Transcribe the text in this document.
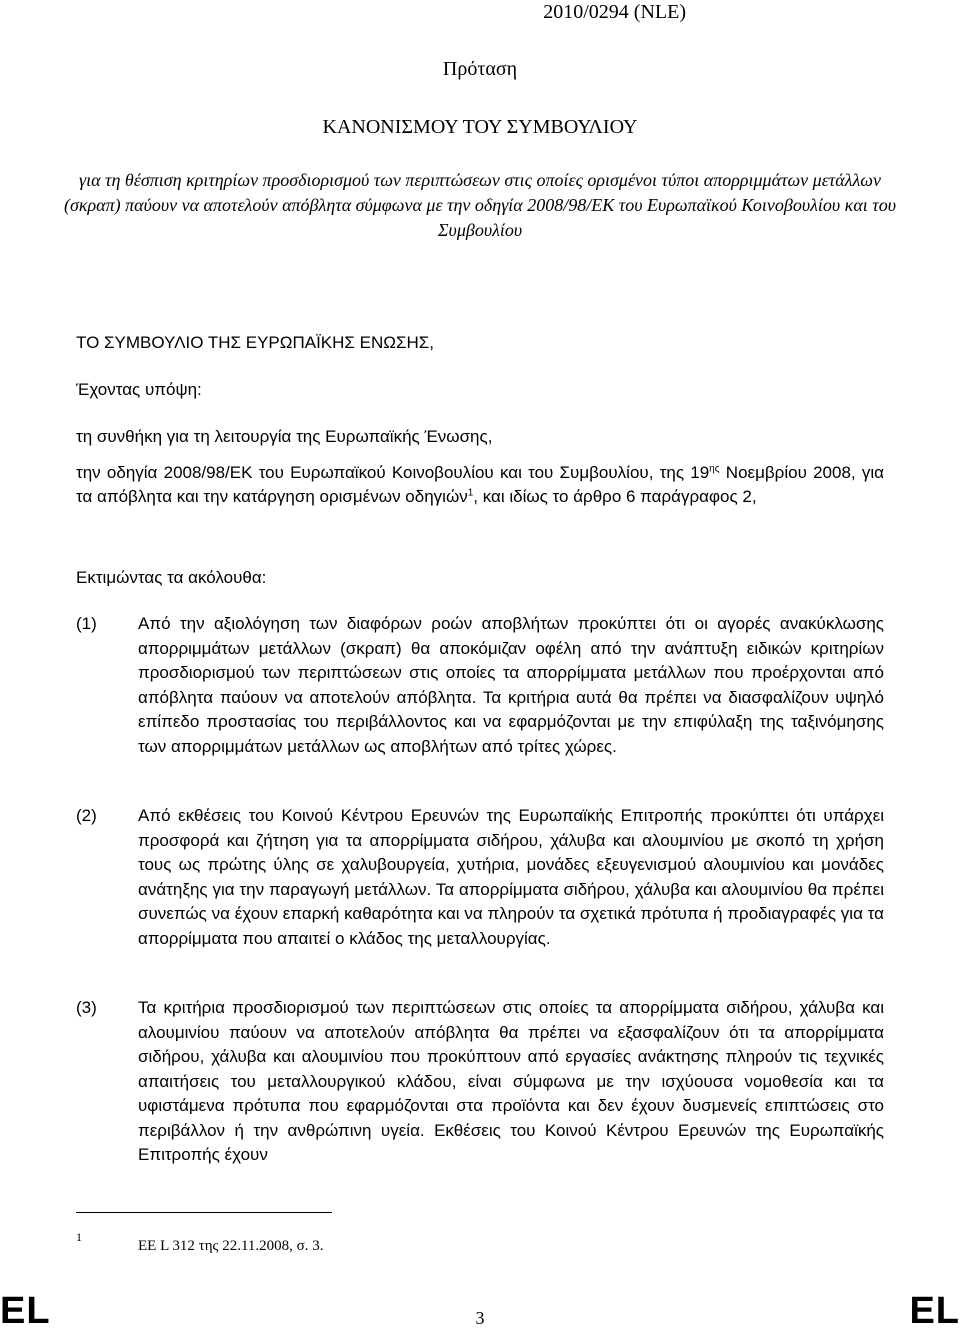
2010/0294 (NLE)
Πρόταση
ΚΑΝΟΝΙΣΜΟΥ ΤΟΥ ΣΥΜΒΟΥΛΙΟΥ
για τη θέσπιση κριτηρίων προσδιορισμού των περιπτώσεων στις οποίες ορισμένοι τύποι απορριμμάτων μετάλλων (σκραπ) παύουν να αποτελούν απόβλητα σύμφωνα με την οδηγία 2008/98/ΕΚ του Ευρωπαϊκού Κοινοβουλίου και του Συμβουλίου
ΤΟ ΣΥΜΒΟΥΛΙΟ ΤΗΣ ΕΥΡΩΠΑΪΚΗΣ ΕΝΩΣΗΣ,
Έχοντας υπόψη:
τη συνθήκη για τη λειτουργία της Ευρωπαϊκής Ένωσης,
την οδηγία 2008/98/ΕΚ του Ευρωπαϊκού Κοινοβουλίου και του Συμβουλίου, της $19^{\eta\varsigma}$ Νοεμβρίου 2008, για τα απόβλητα και την κατάργηση ορισμένων οδηγιών$^1$, και ιδίως το άρθρο 6 παράγραφος 2,
Εκτιμώντας τα ακόλουθα:
(1) Από την αξιολόγηση των διαφόρων ροών αποβλήτων προκύπτει ότι οι αγορές ανακύκλωσης απορριμμάτων μετάλλων (σκραπ) θα αποκόμιζαν οφέλη από την ανάπτυξη ειδικών κριτηρίων προσδιορισμού των περιπτώσεων στις οποίες τα απορρίμματα μετάλλων που προέρχονται από απόβλητα παύουν να αποτελούν απόβλητα. Τα κριτήρια αυτά θα πρέπει να διασφαλίζουν υψηλό επίπεδο προστασίας του περιβάλλοντος και να εφαρμόζονται με την επιφύλαξη της ταξινόμησης των απορριμμάτων μετάλλων ως αποβλήτων από τρίτες χώρες.
(2) Από εκθέσεις του Κοινού Κέντρου Ερευνών της Ευρωπαϊκής Επιτροπής προκύπτει ότι υπάρχει προσφορά και ζήτηση για τα απορρίμματα σιδήρου, χάλυβα και αλουμινίου με σκοπό τη χρήση τους ως πρώτης ύλης σε χαλυβουργεία, χυτήρια, μονάδες εξευγενισμού αλουμινίου και μονάδες ανάτηξης για την παραγωγή μετάλλων. Τα απορρίμματα σιδήρου, χάλυβα και αλουμινίου θα πρέπει συνεπώς να έχουν επαρκή καθαρότητα και να πληρούν τα σχετικά πρότυπα ή προδιαγραφές για τα απορρίμματα που απαιτεί ο κλάδος της μεταλλουργίας.
(3) Τα κριτήρια προσδιορισμού των περιπτώσεων στις οποίες τα απορρίμματα σιδήρου, χάλυβα και αλουμινίου παύουν να αποτελούν απόβλητα θα πρέπει να εξασφαλίζουν ότι τα απορρίμματα σιδήρου, χάλυβα και αλουμινίου που προκύπτουν από εργασίες ανάκτησης πληρούν τις τεχνικές απαιτήσεις του μεταλλουργικού κλάδου, είναι σύμφωνα με την ισχύουσα νομοθεσία και τα υφιστάμενα πρότυπα που εφαρμόζονται στα προϊόντα και δεν έχουν δυσμενείς επιπτώσεις στο περιβάλλον ή την ανθρώπινη υγεία. Εκθέσεις του Κοινού Κέντρου Ερευνών της Ευρωπαϊκής Επιτροπής έχουν
1
EE L 312 της 22.11.2008, σ. 3.
EL	3	EL
